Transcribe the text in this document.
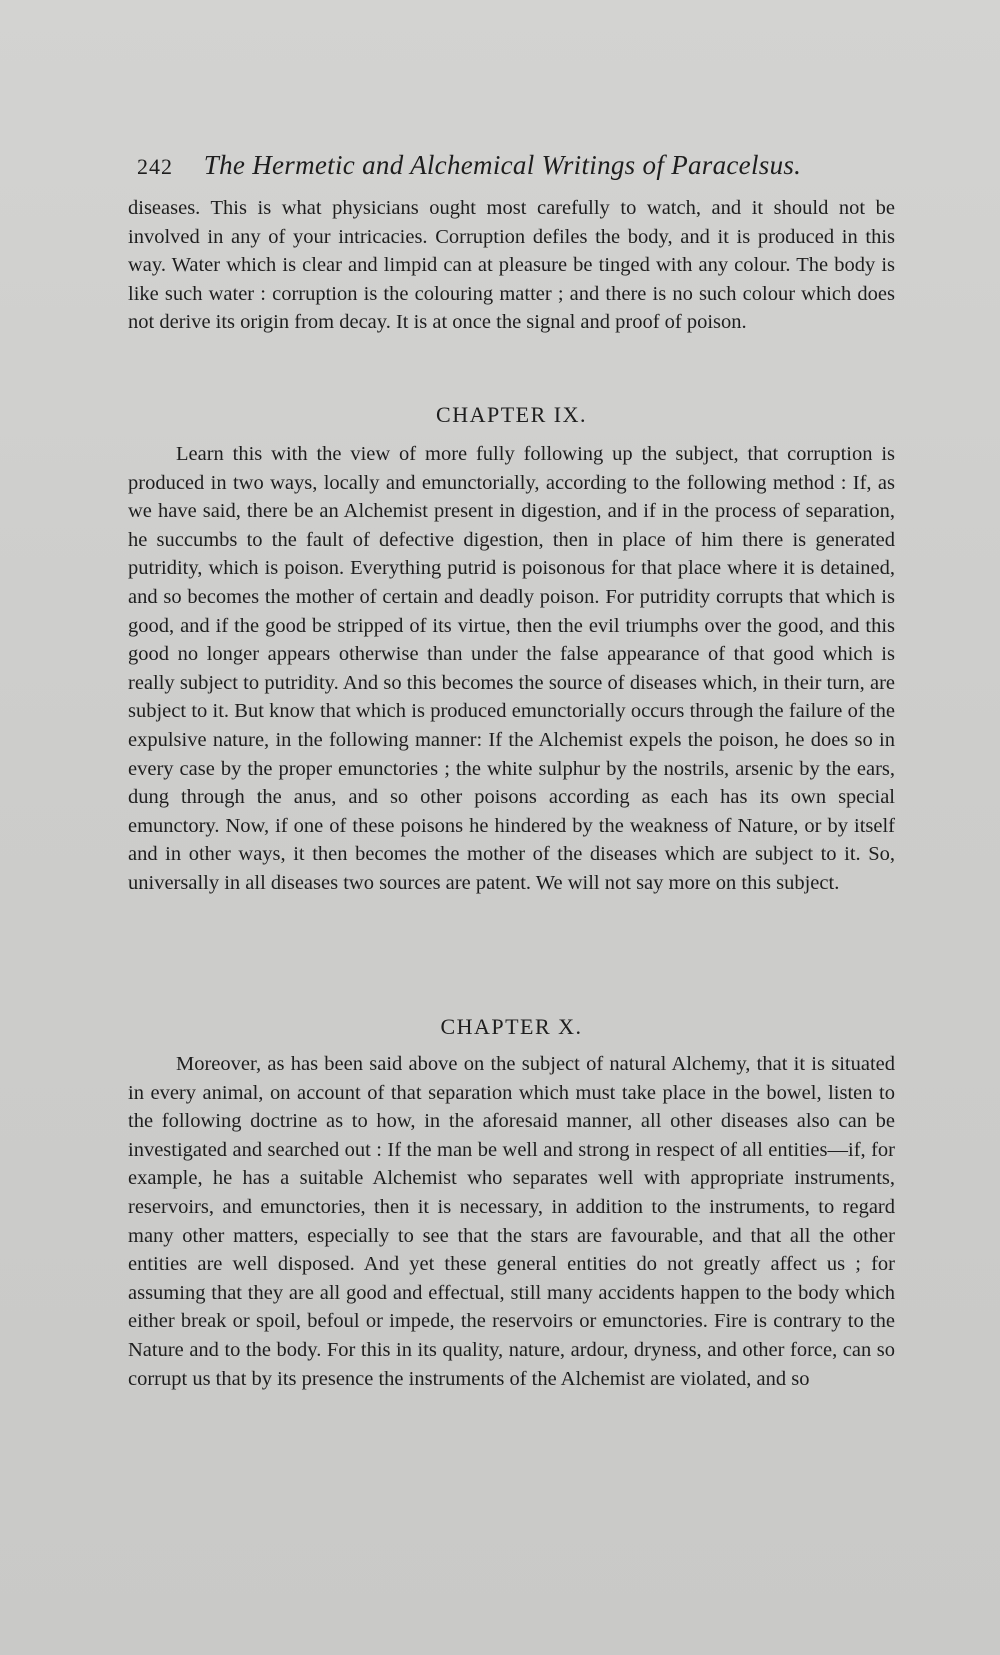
242 The Hermetic and Alchemical Writings of Paracelsus.

diseases. This is what physicians ought most carefully to watch, and it should not be involved in any of your intricacies. Corruption defiles the body, and it is produced in this way. Water which is clear and limpid can at pleasure be tinged with any colour. The body is like such water : corruption is the colouring matter ; and there is no such colour which does not derive its origin from decay. It is at once the signal and proof of poison.

CHAPTER IX.

Learn this with the view of more fully following up the subject, that corruption is produced in two ways, locally and emunctorially, according to the following method : If, as we have said, there be an Alchemist present in digestion, and if in the process of separation, he succumbs to the fault of defective digestion, then in place of him there is generated putridity, which is poison. Everything putrid is poisonous for that place where it is detained, and so becomes the mother of certain and deadly poison. For putridity corrupts that which is good, and if the good be stripped of its virtue, then the evil triumphs over the good, and this good no longer appears otherwise than under the false appearance of that good which is really subject to putridity. And so this becomes the source of diseases which, in their turn, are subject to it. But know that which is produced emunctorially occurs through the failure of the expulsive nature, in the following manner: If the Alchemist expels the poison, he does so in every case by the proper emunctories ; the white sulphur by the nostrils, arsenic by the ears, dung through the anus, and so other poisons according as each has its own special emunctory. Now, if one of these poisons he hindered by the weakness of Nature, or by itself and in other ways, it then becomes the mother of the diseases which are subject to it. So, universally in all diseases two sources are patent. We will not say more on this subject.

CHAPTER X.

Moreover, as has been said above on the subject of natural Alchemy, that it is situated in every animal, on account of that separation which must take place in the bowel, listen to the following doctrine as to how, in the aforesaid manner, all other diseases also can be investigated and searched out : If the man be well and strong in respect of all entities—if, for example, he has a suitable Alchemist who separates well with appropriate instruments, reservoirs, and emunctories, then it is necessary, in addition to the instruments, to regard many other matters, especially to see that the stars are favourable, and that all the other entities are well disposed. And yet these general entities do not greatly affect us ; for assuming that they are all good and effectual, still many accidents happen to the body which either break or spoil, befoul or impede, the reservoirs or emunctories. Fire is contrary to the Nature and to the body. For this in its quality, nature, ardour, dryness, and other force, can so corrupt us that by its presence the instruments of the Alchemist are violated, and so
